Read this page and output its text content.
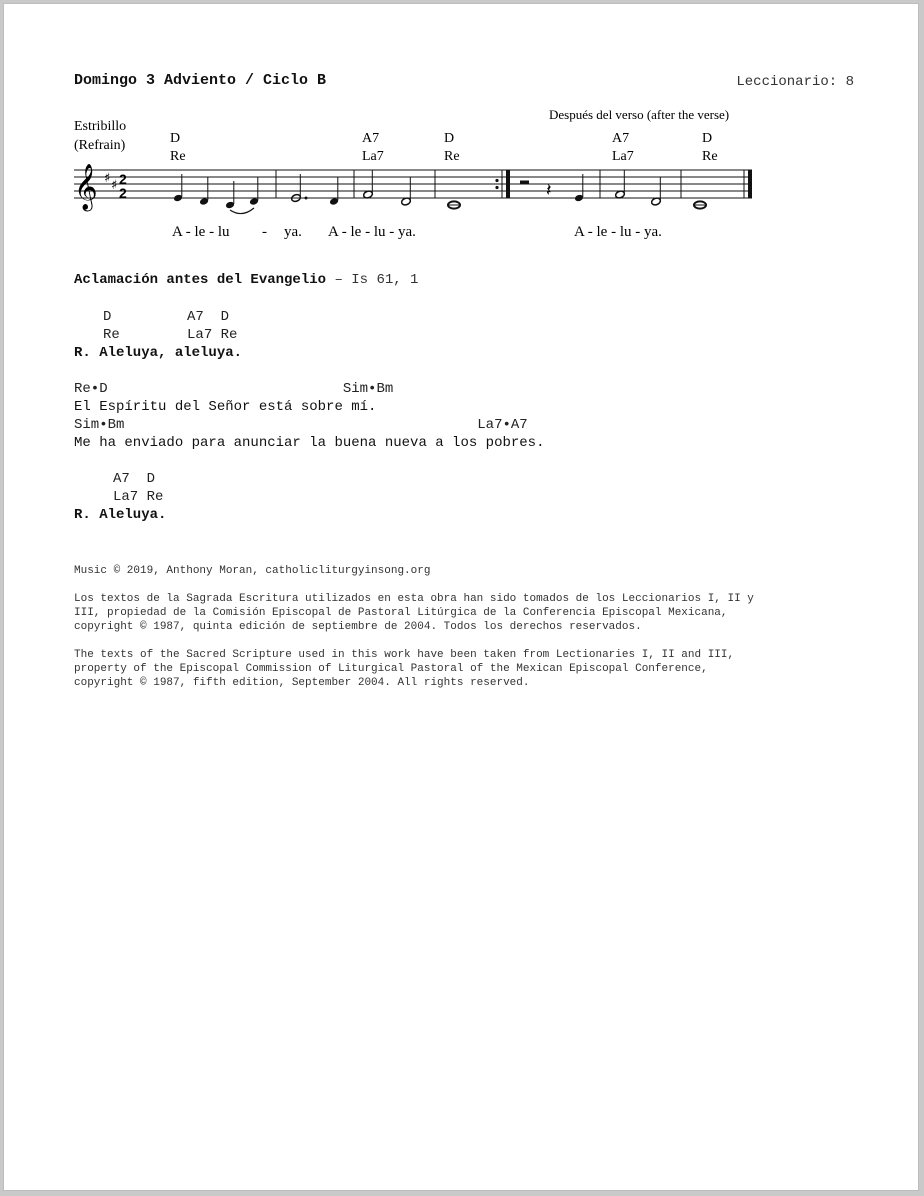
Domingo 3 Adviento / Ciclo B	Leccionario: 8
Estribillo
(Refrain)
Después del verso (after the verse)
D
Re
A7
La7
D
Re
A7
La7
D
Re
𝄞 ♯ ♯ 2
2	𝄽
A - le - lu - ya. A - le - lu - ya.	A - le - lu - ya.
Aclamación antes del Evangelio – Is 61, 1
D         A7  D
Re        La7 Re
R. Aleluya, aleluya.
Re•D                            Sim•Bm
El Espíritu del Señor está sobre mí.
Sim•Bm                                          La7•A7
Me ha enviado para anunciar la buena nueva a los pobres.
A7  D
La7 Re
R. Aleluya.
Music © 2019, Anthony Moran, catholicliturgyinsong.org
Los textos de la Sagrada Escritura utilizados en esta obra han sido tomados de los Leccionarios I, II y
III, propiedad de la Comisión Episcopal de Pastoral Litúrgica de la Conferencia Episcopal Mexicana,
copyright © 1987, quinta edición de septiembre de 2004. Todos los derechos reservados.
The texts of the Sacred Scripture used in this work have been taken from Lectionaries I, II and III,
property of the Episcopal Commission of Liturgical Pastoral of the Mexican Episcopal Conference,
copyright © 1987, fifth edition, September 2004. All rights reserved.
